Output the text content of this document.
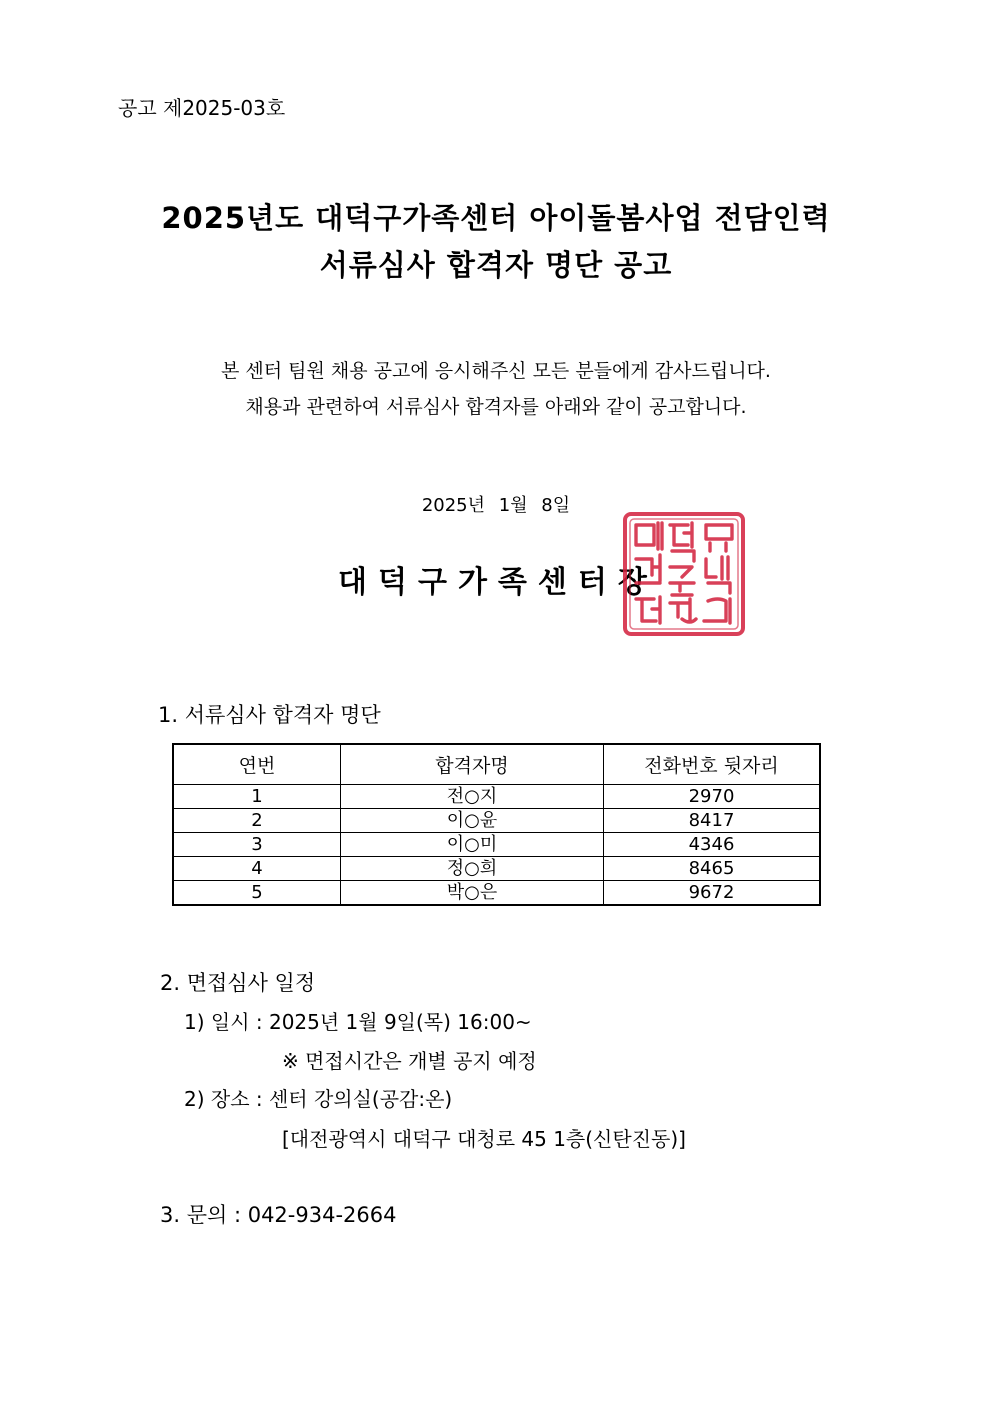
공고 제2025-03호
2025년도 대덕구가족센터 아이돌봄사업 전담인력
서류심사 합격자 명단 공고
본 센터 팀원 채용 공고에 응시해주신 모든 분들에게 감사드립니다.
채용과 관련하여 서류심사 합격자를 아래와 같이 공고합니다.
2025년 1월 8일
대덕구가족센터장
1. 서류심사 합격자 명단
연번	합격자명	전화번호 뒷자리
1	전○지	2970
2	이○윤	8417
3	이○미	4346
4	정○희	8465
5	박○은	9672
2. 면접심사 일정
1) 일시 : 2025년 1월 9일(목) 16:00~
※ 면접시간은 개별 공지 예정
2) 장소 : 센터 강의실(공감:온)
[대전광역시 대덕구 대청로 45 1층(신탄진동)]
3. 문의 : 042-934-2664
